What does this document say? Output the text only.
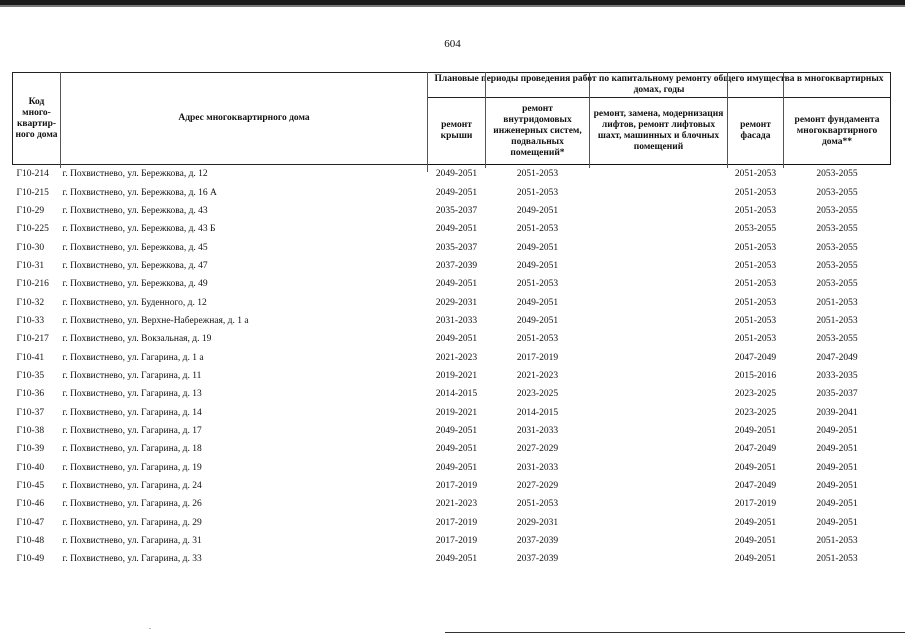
604
Код много-квартир-ного дома	Адрес многоквартирного дома	Плановые периоды проведения работ по капитальному ремонту общего имущества в многоквартирных домах, годы				
		ремонт крыши	ремонт внутридомовых инженерных систем, подвальных помещений*	ремонт, замена, модернизация лифтов, ремонт лифтовых шахт, машинных и блочных помещений	ремонт фасада	ремонт фундамента многоквартирного дома**
Г10-214	г. Похвистнево, ул. Бережкова, д. 12	2049-2051	2051-2053		2051-2053	2053-2055
Г10-215	г. Похвистнево, ул. Бережкова, д. 16 А	2049-2051	2051-2053		2051-2053	2053-2055
Г10-29	г. Похвистнево, ул. Бережкова, д. 43	2035-2037	2049-2051		2051-2053	2053-2055
Г10-225	г. Похвистнево, ул. Бережкова, д. 43 Б	2049-2051	2051-2053		2053-2055	2053-2055
Г10-30	г. Похвистнево, ул. Бережкова, д. 45	2035-2037	2049-2051		2051-2053	2053-2055
Г10-31	г. Похвистнево, ул. Бережкова, д. 47	2037-2039	2049-2051		2051-2053	2053-2055
Г10-216	г. Похвистнево, ул. Бережкова, д. 49	2049-2051	2051-2053		2051-2053	2053-2055
Г10-32	г. Похвистнево, ул. Буденного, д. 12	2029-2031	2049-2051		2051-2053	2051-2053
Г10-33	г. Похвистнево, ул. Верхне-Набережная, д. 1 а	2031-2033	2049-2051		2051-2053	2051-2053
Г10-217	г. Похвистнево, ул. Вокзальная, д. 19	2049-2051	2051-2053		2051-2053	2053-2055
Г10-41	г. Похвистнево, ул. Гагарина, д. 1 а	2021-2023	2017-2019		2047-2049	2047-2049
Г10-35	г. Похвистнево, ул. Гагарина, д. 11	2019-2021	2021-2023		2015-2016	2033-2035
Г10-36	г. Похвистнево, ул. Гагарина, д. 13	2014-2015	2023-2025		2023-2025	2035-2037
Г10-37	г. Похвистнево, ул. Гагарина, д. 14	2019-2021	2014-2015		2023-2025	2039-2041
Г10-38	г. Похвистнево, ул. Гагарина, д. 17	2049-2051	2031-2033		2049-2051	2049-2051
Г10-39	г. Похвистнево, ул. Гагарина, д. 18	2049-2051	2027-2029		2047-2049	2049-2051
Г10-40	г. Похвистнево, ул. Гагарина, д. 19	2049-2051	2031-2033		2049-2051	2049-2051
Г10-45	г. Похвистнево, ул. Гагарина, д. 24	2017-2019	2027-2029		2047-2049	2049-2051
Г10-46	г. Похвистнево, ул. Гагарина, д. 26	2021-2023	2051-2053		2017-2019	2049-2051
Г10-47	г. Похвистнево, ул. Гагарина, д. 29	2017-2019	2029-2031		2049-2051	2049-2051
Г10-48	г. Похвистнево, ул. Гагарина, д. 31	2017-2019	2037-2039		2049-2051	2051-2053
Г10-49	г. Похвистнево, ул. Гагарина, д. 33	2049-2051	2037-2039		2049-2051	2051-2053
